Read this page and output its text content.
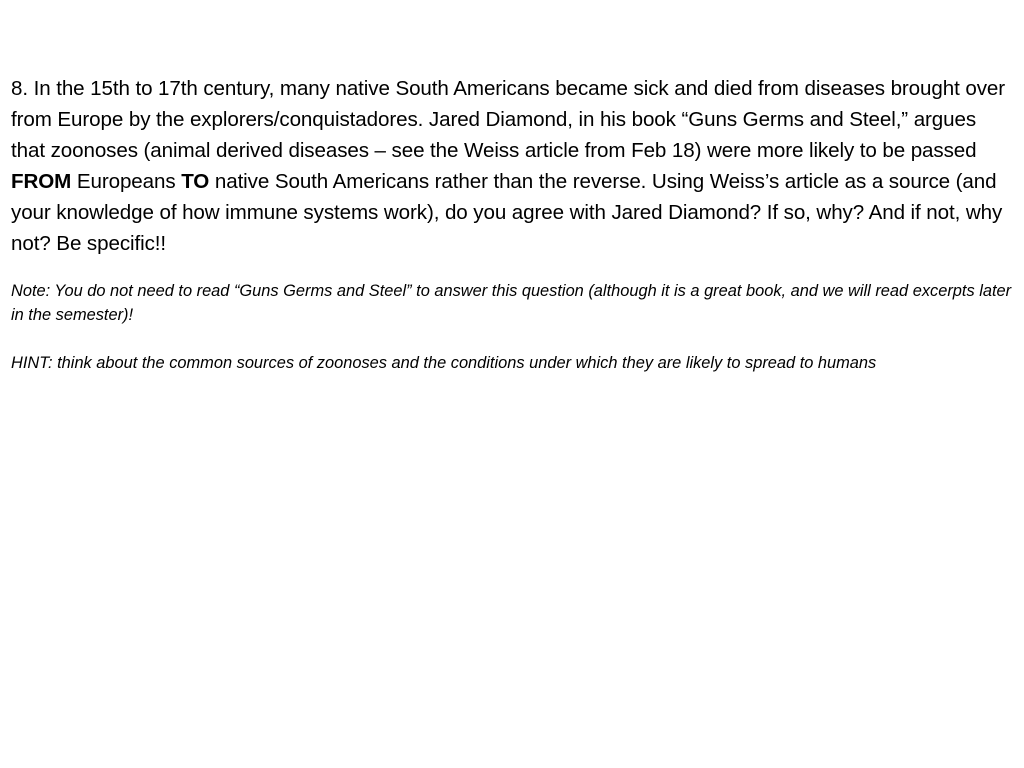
8. In the 15th to 17th century, many native South Americans became sick and died from diseases brought over from Europe by the explorers/conquistadores. Jared Diamond, in his book “Guns Germs and Steel,” argues that zoonoses (animal derived diseases – see the Weiss article from Feb 18) were more likely to be passed FROM Europeans TO native South Americans rather than the reverse. Using Weiss’s article as a source (and your knowledge of how immune systems work), do you agree with Jared Diamond? If so, why? And if not, why not? Be specific!!

Note: You do not need to read “Guns Germs and Steel” to answer this question (although it is a great book, and we will read excerpts later in the semester)!

HINT: think about the common sources of zoonoses and the conditions under which they are likely to spread to humans
